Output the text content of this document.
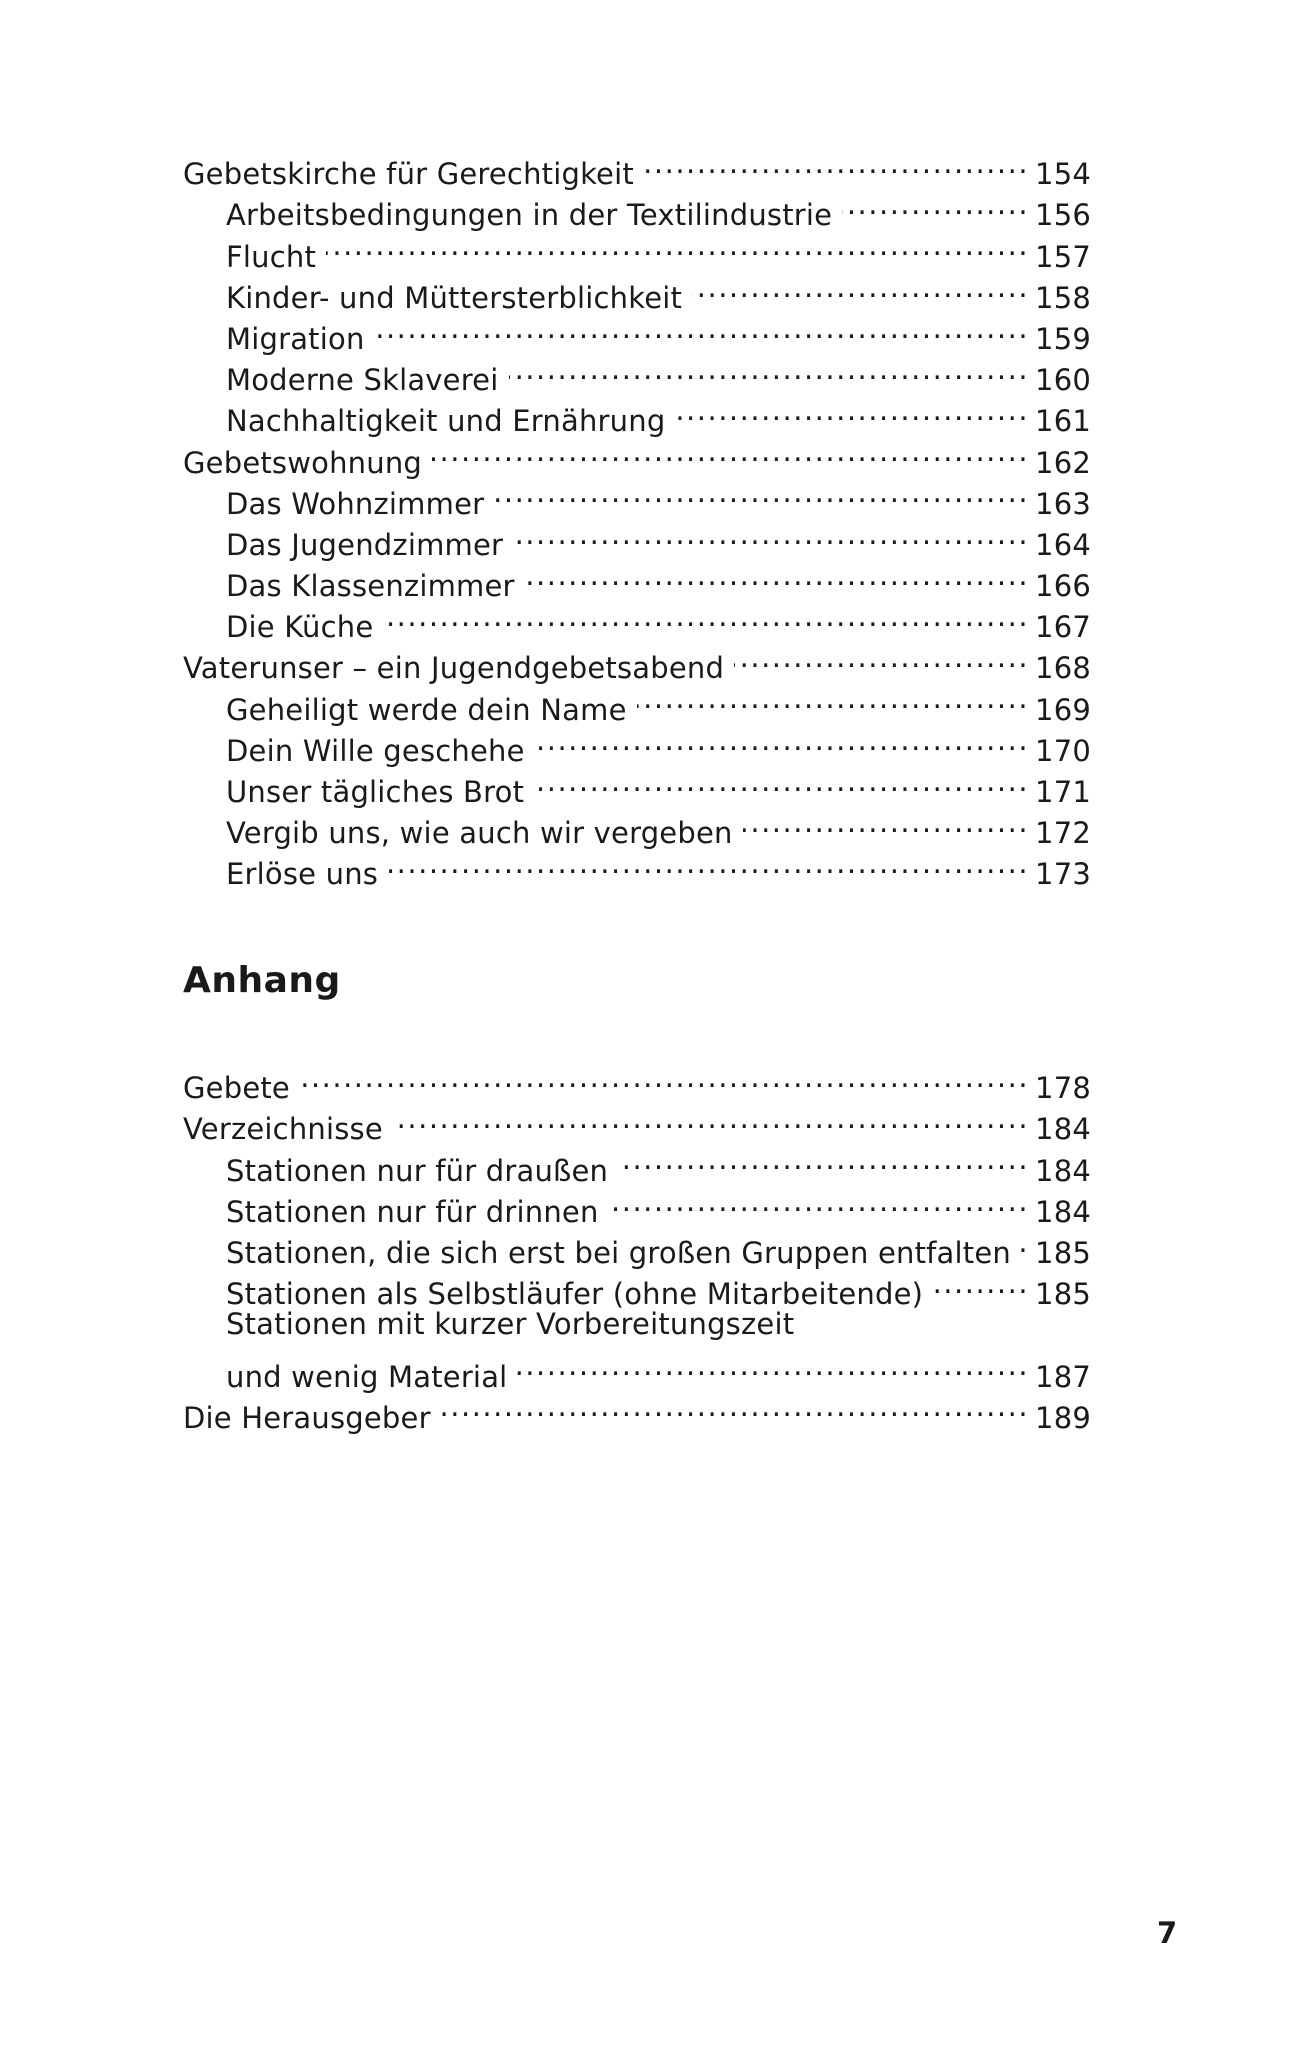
Gebetskirche für Gerechtigkeit .....	154
Arbeitsbedingungen in der Textilindustrie .....	156
Flucht .....	157
Kinder- und Müttersterblichkeit .....	158
Migration .....	159
Moderne Sklaverei .....	160
Nachhaltigkeit und Ernährung .....	161
Gebetswohnung .....	162
Das Wohnzimmer .....	163
Das Jugendzimmer .....	164
Das Klassenzimmer .....	166
Die Küche .....	167
Vaterunser – ein Jugendgebetsabend .....	168
Geheiligt werde dein Name .....	169
Dein Wille geschehe .....	170
Unser tägliches Brot .....	171
Vergib uns, wie auch wir vergeben .....	172
Erlöse uns .....	173
Anhang
Gebete .....	178
Verzeichnisse .....	184
Stationen nur für draußen .....	184
Stationen nur für drinnen .....	184
Stationen, die sich erst bei großen Gruppen entfalten ..... 185
Stationen als Selbstläufer (ohne Mitarbeitende) .....	185
Stationen mit kurzer Vorbereitungszeit
und wenig Material .....	187
Die Herausgeber .....	189
7
